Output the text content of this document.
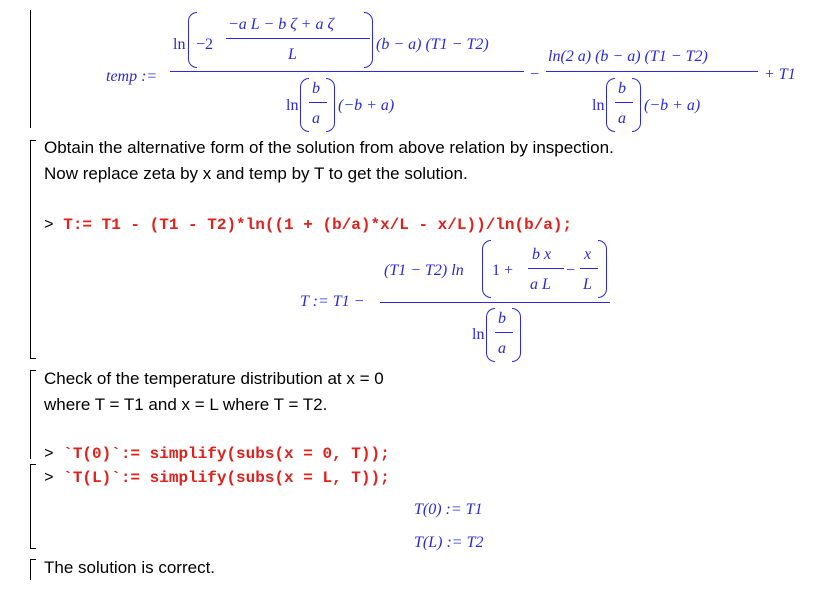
temp :=
ln −2
−a L − b ζ + a ζ
L
(b − a) (T1 − T2)
ln
b
a
(−b + a)
−
ln(2 a) (b − a) (T1 − T2)
ln
b
a
(−b + a)
+ T1
Obtain the alternative form of the solution from above relation by inspection.
Now replace zeta by x and temp by T to get the solution.
> T:= T1 - (T1 - T2)*ln((1 + (b/a)*x/L - x/L))/ln(b/a);
T := T1 −
(T1 − T2) ln 1 +
b x
a L
−
x
L
ln
b
a
Check of the temperature distribution at x = 0
where T = T1 and x = L where T = T2.
> `T(0)`:= simplify(subs(x = 0, T));
> `T(L)`:= simplify(subs(x = L, T));
T(0) := T1
T(L) := T2
The solution is correct.
